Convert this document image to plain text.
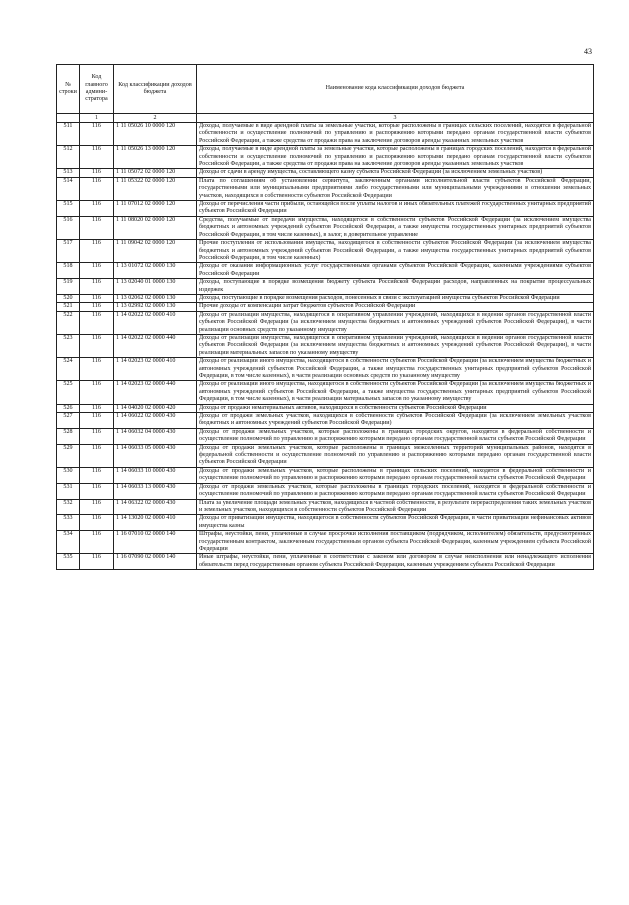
43
№ строки	Код главного админи- стратора	Код классификации доходов бюджета	Наименование кода классификации доходов бюджета
	1	2	3
511	116	1 11 05026 10 0000 120	Доходы, получаемые в виде арендной платы за земельные участки, которые расположены в границах сельских поселений, находятся в федеральной собственности и осуществление полномочий по управлению и распоряжению которыми передано органам государственной власти субъектов Российской Федерации, а также средства от продажи права на заключение договоров аренды указанных земельных участков
512	116	1 11 05026 13 0000 120	Доходы, получаемые в виде арендной платы за земельные участки, которые расположены в границах городских поселений, находятся в федеральной собственности и осуществление полномочий по управлению и распоряжению которыми передано органам государственной власти субъектов Российской Федерации, а также средства от продажи права на заключение договоров аренды указанных земельных участков
513	116	1 11 05072 02 0000 120	Доходы от сдачи в аренду имущества, составляющего казну субъекта Российской Федерации (за исключением земельных участков)
514	116	1 11 05322 02 0000 120	Плата по соглашениям об установлении сервитута, заключенным органами исполнительной власти субъектов Российской Федерации, государственными или муниципальными предприятиями либо государственными или муниципальными учреждениями в отношении земельных участков, находящихся в собственности субъектов Российской Федерации
515	116	1 11 07012 02 0000 120	Доходы от перечисления части прибыли, остающейся после уплаты налогов и иных обязательных платежей государственных унитарных предприятий субъектов Российской Федерации
516	116	1 11 08020 02 0000 120	Средства, получаемые от передачи имущества, находящегося в собственности субъектов Российской Федерации (за исключением имущества бюджетных и автономных учреждений субъектов Российской Федерации, а также имущества государственных унитарных предприятий субъектов Российской Федерации, в том числе казенных), в залог, в доверительное управление
517	116	1 11 09042 02 0000 120	Прочие поступления от использования имущества, находящегося в собственности субъектов Российской Федерации (за исключением имущества бюджетных и автономных учреждений субъектов Российской Федерации, а также имущества государственных унитарных предприятий субъектов Российской Федерации, в том числе казенных)
518	116	1 13 01072 02 0000 130	Доходы от оказания информационных услуг государственными органами субъектов Российской Федерации, казенными учреждениями субъектов Российской Федерации
519	116	1 13 02040 01 0000 130	Доходы, поступающие в порядке возмещения бюджету субъекта Российской Федерации расходов, направленных на покрытие процессуальных издержек
520	116	1 13 02062 02 0000 130	Доходы, поступающие в порядке возмещения расходов, понесенных в связи с эксплуатацией имущества субъектов Российской Федерации
521	116	1 13 02992 02 0000 130	Прочие доходы от компенсации затрат бюджетов субъектов Российской Федерации
522	116	1 14 02022 02 0000 410	Доходы от реализации имущества, находящегося в оперативном управлении учреждений, находящихся в ведении органов государственной власти субъектов Российской Федерации (за исключением имущества бюджетных и автономных учреждений субъектов Российской Федерации), в части реализации основных средств по указанному имуществу
523	116	1 14 02022 02 0000 440	Доходы от реализации имущества, находящегося в оперативном управлении учреждений, находящихся в ведении органов государственной власти субъектов Российской Федерации (за исключением имущества бюджетных и автономных учреждений субъектов Российской Федерации), в части реализации материальных запасов по указанному имуществу
524	116	1 14 02023 02 0000 410	Доходы от реализации иного имущества, находящегося в собственности субъектов Российской Федерации (за исключением имущества бюджетных и автономных учреждений субъектов Российской Федерации, а также имущества государственных унитарных предприятий субъектов Российской Федерации, в том числе казенных), в части реализации основных средств по указанному имуществу
525	116	1 14 02023 02 0000 440	Доходы от реализации иного имущества, находящегося в собственности субъектов Российской Федерации (за исключением имущества бюджетных и автономных учреждений субъектов Российской Федерации, а также имущества государственных унитарных предприятий субъектов Российской Федерации, в том числе казенных), в части реализации материальных запасов по указанному имуществу
526	116	1 14 04020 02 0000 420	Доходы от продажи нематериальных активов, находящихся в собственности субъектов Российской Федерации
527	116	1 14 06022 02 0000 430	Доходы от продажи земельных участков, находящихся в собственности субъектов Российской Федерации (за исключением земельных участков бюджетных и автономных учреждений субъектов Российской Федерации)
528	116	1 14 06032 04 0000 430	Доходы от продажи земельных участков, которые расположены в границах городских округов, находятся в федеральной собственности и осуществление полномочий по управлению и распоряжению которыми передано органам государственной власти субъектов Российской Федерации
529	116	1 14 06033 05 0000 430	Доходы от продажи земельных участков, которые расположены в границах межселенных территорий муниципальных районов, находятся в федеральной собственности и осуществление полномочий по управлению и распоряжению которыми передано органам государственной власти субъектов Российской Федерации
530	116	1 14 06033 10 0000 430	Доходы от продажи земельных участков, которые расположены в границах сельских поселений, находятся в федеральной собственности и осуществление полномочий по управлению и распоряжению которыми передано органам государственной власти субъектов Российской Федерации
531	116	1 14 06033 13 0000 430	Доходы от продажи земельных участков, которые расположены в границах городских поселений, находятся в федеральной собственности и осуществление полномочий по управлению и распоряжению которыми передано органам государственной власти субъектов Российской Федерации
532	116	1 14 06322 02 0000 430	Плата за увеличение площади земельных участков, находящихся в частной собственности, в результате перераспределения таких земельных участков и земельных участков, находящихся в собственности субъектов Российской Федерации
533	116	1 14 13020 02 0000 410	Доходы от приватизации имущества, находящегося в собственности субъектов Российской Федерации, в части приватизации нефинансовых активов имущества казны
534	116	1 16 07010 02 0000 140	Штрафы, неустойки, пени, уплаченные в случае просрочки исполнения поставщиком (подрядчиком, исполнителем) обязательств, предусмотренных государственным контрактом, заключенным государственным органом субъекта Российской Федерации, казенным учреждением субъекта Российской Федерации
535	116	1 16 07090 02 0000 140	Иные штрафы, неустойки, пени, уплаченные в соответствии с законом или договором в случае неисполнения или ненадлежащего исполнения обязательств перед государственным органом субъекта Российской Федерации, казенным учреждением субъекта Российской Федерации
